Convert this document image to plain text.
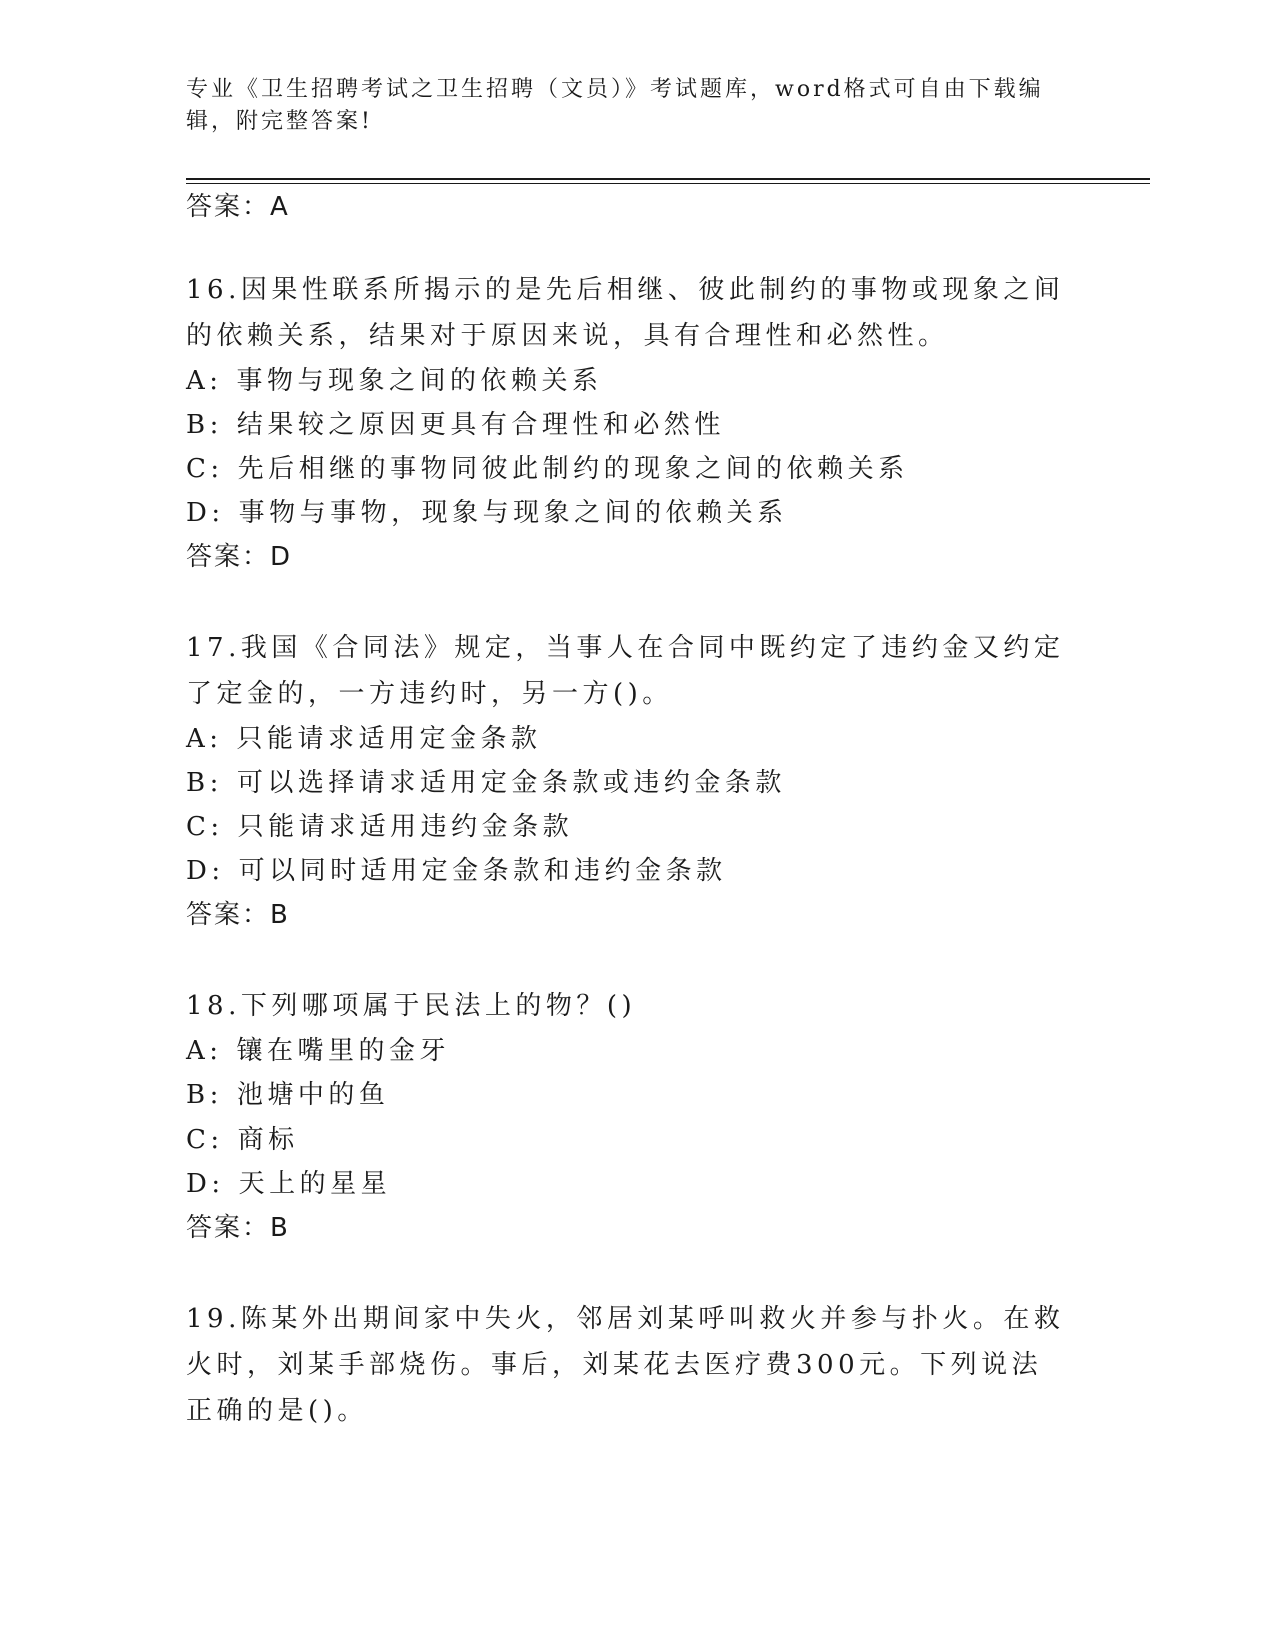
专业《卫生招聘考试之卫生招聘（文员）》考试题库，word格式可自由下载编辑，附完整答案!
答案：A
16.因果性联系所揭示的是先后相继、彼此制约的事物或现象之间的依赖关系，结果对于原因来说，具有合理性和必然性。
A: 事物与现象之间的依赖关系
B: 结果较之原因更具有合理性和必然性
C: 先后相继的事物同彼此制约的现象之间的依赖关系
D: 事物与事物，现象与现象之间的依赖关系
答案：D
17.我国《合同法》规定，当事人在合同中既约定了违约金又约定了定金的，一方违约时，另一方()。
A: 只能请求适用定金条款
B: 可以选择请求适用定金条款或违约金条款
C: 只能请求适用违约金条款
D: 可以同时适用定金条款和违约金条款
答案：B
18.下列哪项属于民法上的物？()
A: 镶在嘴里的金牙
B: 池塘中的鱼
C: 商标
D: 天上的星星
答案：B
19.陈某外出期间家中失火，邻居刘某呼叫救火并参与扑火。在救火时，刘某手部烧伤。事后，刘某花去医疗费300元。下列说法正确的是()。
